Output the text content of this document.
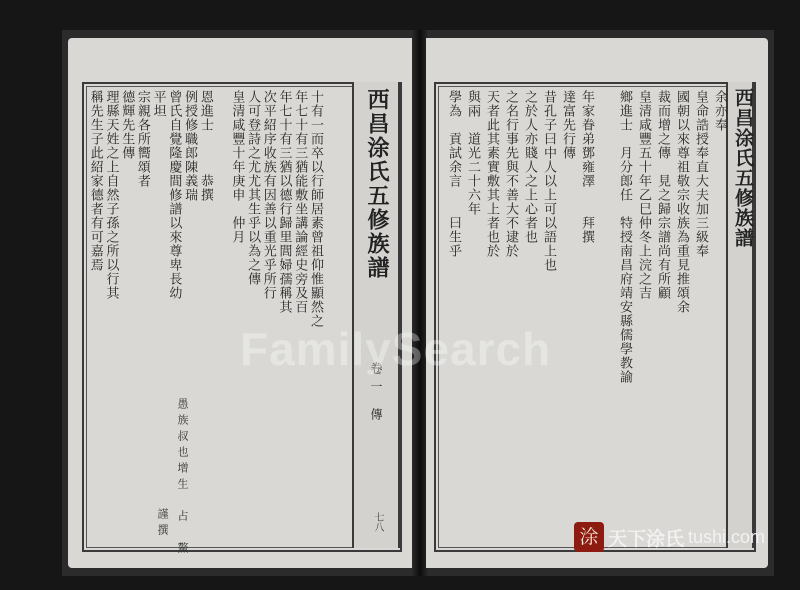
西昌涂氏五修族譜
卷一 傳
七八
十有一而卒以行師居素曾祖仰惟顯然之
年七十有三猶能敷坐講論經史旁及百
年七十有三猶以德行歸里閭婦孺稱其
次平紹序收族有因善以重光乎所行
人可登詩之尤尤其生乎以為之傳
皇清咸豐十年庚申　仲月
恩進士　　　恭撰
例授修職郎陳義瑞
曾氏自覺隆慶間修譜以來尊卑長幼
平坦
宗親各所嚮頌者
德輝先生傳
理縣天姓之上自然子孫之所以行其
稱先生子此紹家德者有可嘉焉
愚族叔也增生　占　鰲
謹撰
西昌涂氏五修族譜
余亦奉
皇命誥授奉直大夫加三級奉
國朝以來尊祖敬宗收族為重見推頌余
裁而增之傳　見之歸宗譜尚有所顧
皇清咸豐五十年乙巳仲冬上浣之吉
鄉進士　月分郎任　特授南昌府靖安縣儒學教諭
年家眷弟鄧雍澤　　拜撰
達富先行傳
昔孔子曰中人以上可以語上也
之於人亦賤人之上心者也
之名行事先與不善大不逮於
天者此其素實敷其上者也於
與兩　道光二十六年　　　
學為　貢試余言　　曰生乎
FamilySearch
涂 天下涂氏 tushi.com
